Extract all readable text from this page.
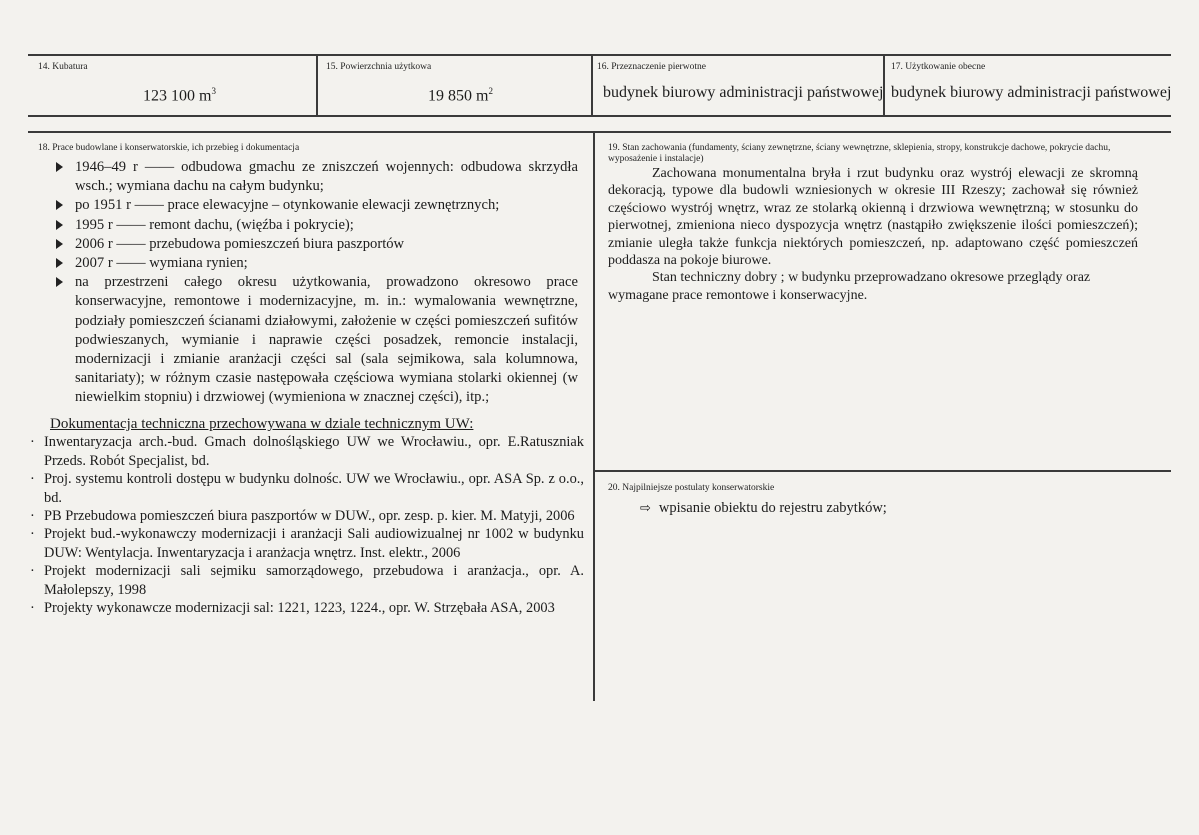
14. Kubatura
123 100 $m^3$
15. Powierzchnia użytkowa
19 850 $m^2$
16. Przeznaczenie pierwotne
budynek biurowy administracji państwowej
17. Użytkowanie obecne
budynek biurowy administracji państwowej
18. Prace budowlane i konserwatorskie, ich przebieg i dokumentacja
1946–49 r —— odbudowa gmachu ze zniszczeń wojennych: odbudowa skrzydła wsch.; wymiana dachu na całym budynku;
po 1951 r —— prace elewacyjne – otynkowanie elewacji zewnętrznych;
1995 r —— remont dachu, (więźba i pokrycie);
2006 r —— przebudowa pomieszczeń biura paszportów
2007 r —— wymiana rynien;
na przestrzeni całego okresu użytkowania, prowadzono okresowo prace konserwacyjne, remontowe i modernizacyjne, m. in.: wymalowania wewnętrzne, podziały pomieszczeń ścianami działowymi, założenie w części pomieszczeń sufitów podwieszanych, wymianie i naprawie części posadzek, remoncie instalacji, modernizacji i zmianie aranżacji części sal (sala sejmikowa, sala kolumnowa, sanitariaty); w różnym czasie następowała częściowa wymiana stolarki okiennej (w niewielkim stopniu) i drzwiowej (wymieniona w znacznej części), itp.;
Dokumentacja techniczna przechowywana w dziale technicznym UW:
· Inwentaryzacja arch.-bud. Gmach dolnośląskiego UW we Wrocławiu., opr. E.Ratuszniak Przeds. Robót Specjalist, bd.
· Proj. systemu kontroli dostępu w budynku dolnośc. UW we Wrocławiu., opr. ASA Sp. z o.o., bd.
· PB Przebudowa pomieszczeń biura paszportów w DUW., opr. zesp. p. kier. M. Matyji, 2006
· Projekt bud.-wykonawczy modernizacji i aranżacji Sali audiowizualnej nr 1002 w budynku DUW: Wentylacja. Inwentaryzacja i aranżacja wnętrz. Inst. elektr., 2006
· Projekt modernizacji sali sejmiku samorządowego, przebudowa i aranżacja., opr. A. Małolepszy, 1998
· Projekty wykonawcze modernizacji sal: 1221, 1223, 1224., opr. W. Strzębała ASA, 2003
19. Stan zachowania (fundamenty, ściany zewnętrzne, ściany wewnętrzne, sklepienia, stropy, konstrukcje dachowe, pokrycie dachu, wyposażenie i instalacje)
Zachowana monumentalna bryła i rzut budynku oraz wystrój elewacji ze skromną dekoracją, typowe dla budowli wzniesionych w okresie III Rzeszy; zachował się również częściowo wystrój wnętrz, wraz ze stolarką okienną i drzwiowa wewnętrzną; w stosunku do pierwotnej, zmieniona nieco dyspozycja wnętrz (nastąpiło zwiększenie ilości pomieszczeń); zmianie uległa także funkcja niektórych pomieszczeń, np. adaptowano część pomieszczeń poddasza na pokoje biurowe.
Stan techniczny dobry ; w budynku przeprowadzano okresowe przeglądy oraz wymagane prace remontowe i konserwacyjne.
20. Najpilniejsze postulaty konserwatorskie
⇨ wpisanie obiektu do rejestru zabytków;
